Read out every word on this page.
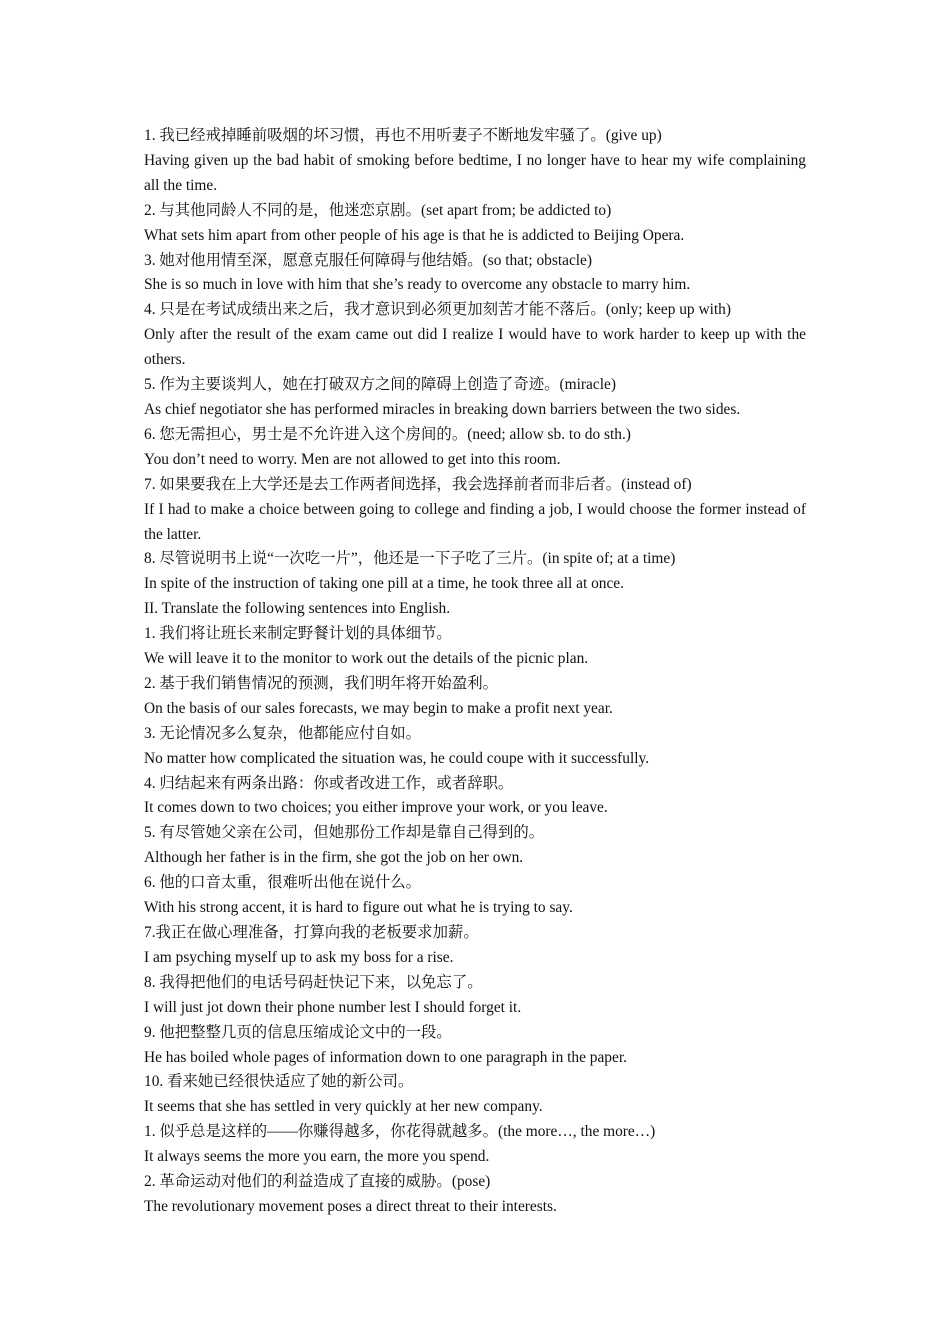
1. 我已经戒掉睡前吸烟的坏习惯，再也不用听妻子不断地发牢骚了。(give up)

Having given up the bad habit of smoking before bedtime, I no longer have to hear my wife complaining all the time.

2. 与其他同龄人不同的是，他迷恋京剧。(set apart from; be addicted to)

What sets him apart from other people of his age is that he is addicted to Beijing Opera.

3. 她对他用情至深，愿意克服任何障碍与他结婚。(so that; obstacle)

She is so much in love with him that she’s ready to overcome any obstacle to marry him.

4. 只是在考试成绩出来之后，我才意识到必须更加刻苦才能不落后。(only; keep up with)

Only after the result of the exam came out did I realize I would have to work harder to keep up with the others.

5. 作为主要谈判人，她在打破双方之间的障碍上创造了奇迹。(miracle)

As chief negotiator she has performed miracles in breaking down barriers between the two sides.

6. 您无需担心，男士是不允许进入这个房间的。(need; allow sb. to do sth.)

You don’t need to worry. Men are not allowed to get into this room.

7. 如果要我在上大学还是去工作两者间选择，我会选择前者而非后者。(instead of)

If I had to make a choice between going to college and finding a job, I would choose the former instead of the latter.

8. 尽管说明书上说“一次吃一片”，他还是一下子吃了三片。(in spite of; at a time)

In spite of the instruction of taking one pill at a time, he took three all at once.

II. Translate the following sentences into English.

1. 我们将让班长来制定野餐计划的具体细节。

We will leave it to the monitor to work out the details of the picnic plan.

2. 基于我们销售情况的预测，我们明年将开始盈利。

On the basis of our sales forecasts, we may begin to make a profit next year.

3. 无论情况多么复杂，他都能应付自如。

No matter how complicated the situation was, he could coupe with it successfully.

4. 归结起来有两条出路：你或者改进工作，或者辞职。

It comes down to two choices; you either improve your work, or you leave.

5. 有尽管她父亲在公司，但她那份工作却是靠自己得到的。

Although her father is in the firm, she got the job on her own.

6. 他的口音太重，很难听出他在说什么。

With his strong accent, it is hard to figure out what he is trying to say.

7.我正在做心理准备，打算向我的老板要求加薪。

I am psyching myself up to ask my boss for a rise.

8. 我得把他们的电话号码赶快记下来，以免忘了。

I will just jot down their phone number lest I should forget it.

9. 他把整整几页的信息压缩成论文中的一段。

He has boiled whole pages of information down to one paragraph in the paper.

10. 看来她已经很快适应了她的新公司。

It seems that she has settled in very quickly at her new company.

1. 似乎总是这样的——你赚得越多，你花得就越多。(the more…, the more…)

It always seems the more you earn, the more you spend.

2. 革命运动对他们的利益造成了直接的威胁。(pose)

The revolutionary movement poses a direct threat to their interests.
